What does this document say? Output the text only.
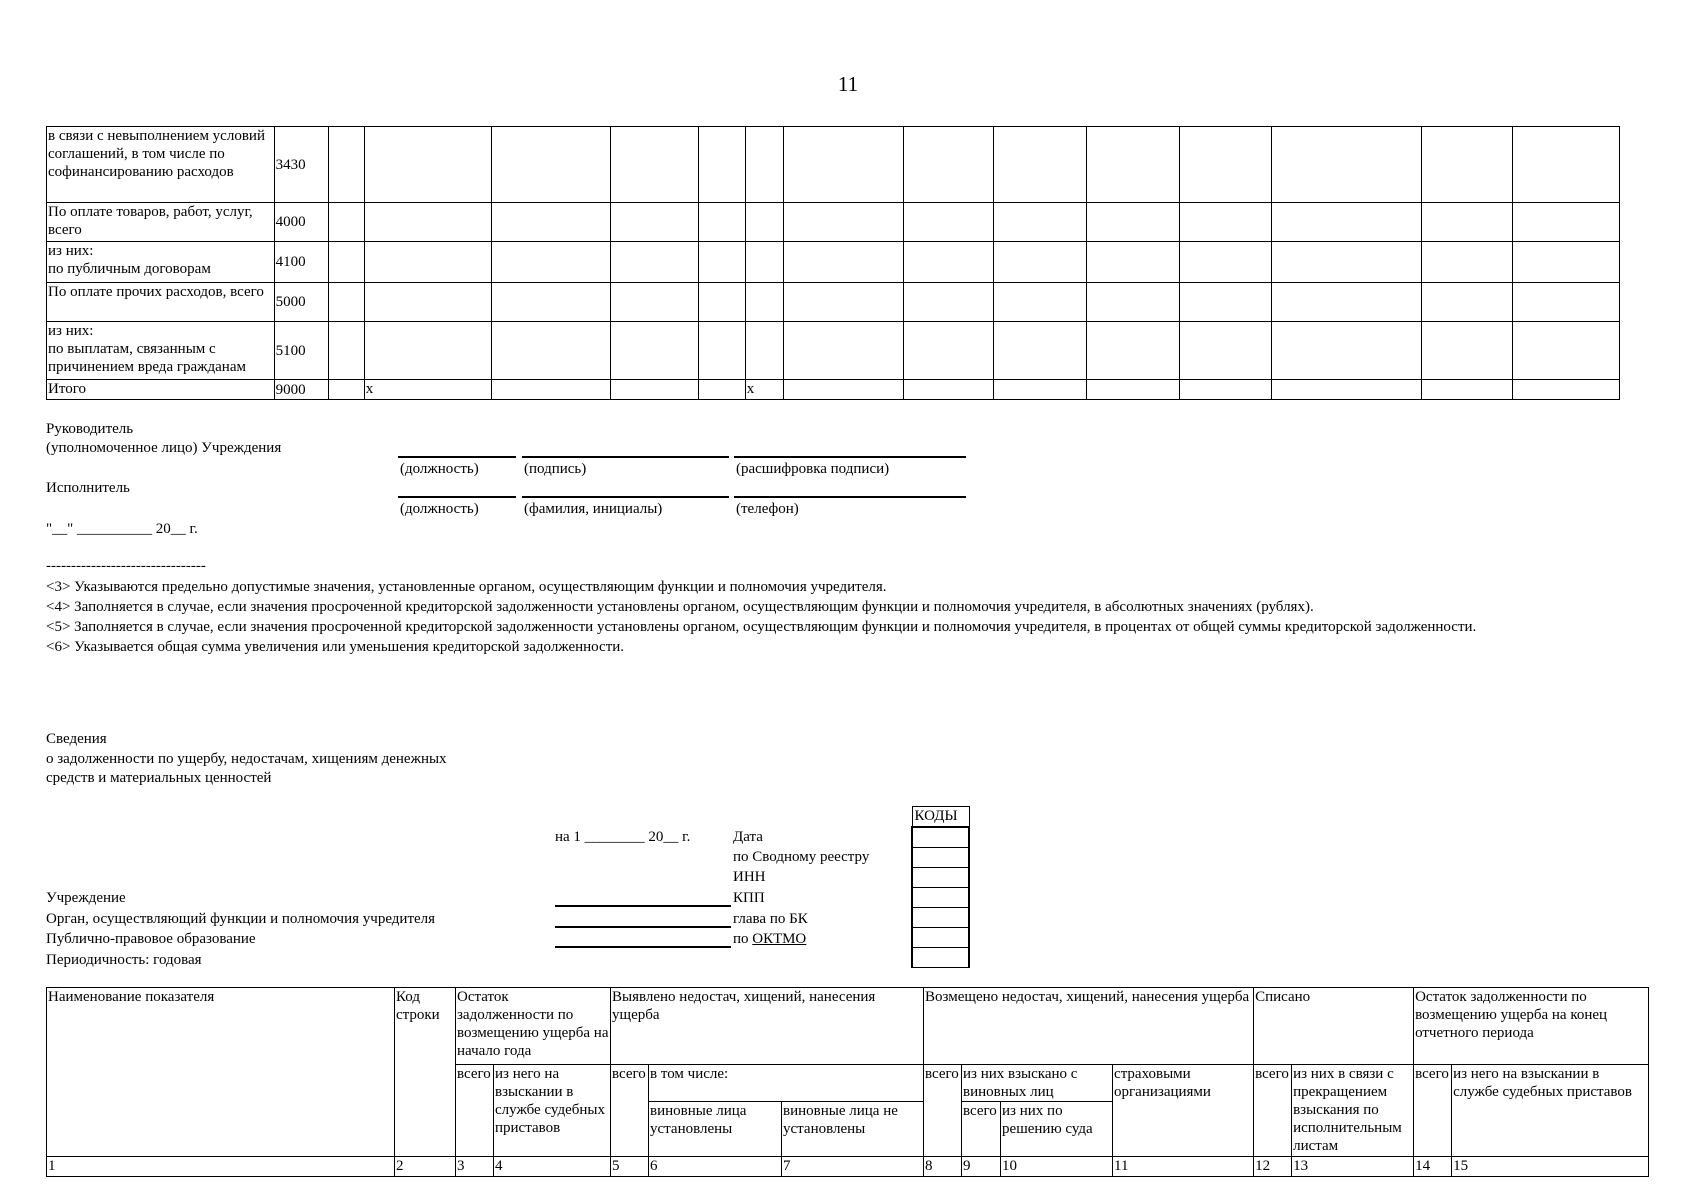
11
в связи с невыполнением условий соглашений, в том числе по софинансированию расходов	3430														
По оплате товаров, работ, услуг, всего	4000														
из них:
по публичным договорам	4100														
По оплате прочих расходов, всего	5000														
из них:
по выплатам, связанным с причинением вреда гражданам	5100														
Итого	9000		x				x								
Руководитель
(уполномоченное лицо) Учреждения
(должность)	(подпись)	(расшифровка подписи)
Исполнитель
(должность)	(фамилия, инициалы)	(телефон)
"__" __________ 20__ г.
--------------------------------
<3> Указываются предельно допустимые значения, установленные органом, осуществляющим функции и полномочия учредителя.
<4> Заполняется в случае, если значения просроченной кредиторской задолженности установлены органом, осуществляющим функции и полномочия учредителя, в абсолютных значениях (рублях).
<5> Заполняется в случае, если значения просроченной кредиторской задолженности установлены органом, осуществляющим функции и полномочия учредителя, в процентах от общей суммы кредиторской задолженности.
<6> Указывается общая сумма увеличения или уменьшения кредиторской задолженности.
Сведения
о задолженности по ущербу, недостачам, хищениям денежных
средств и материальных ценностей
на 1 ________ 20__ г.	Дата
по Сводному реестру
ИНН
КПП
глава по БК
по ОКТМО
КОДЫ

Учреждение
Орган, осуществляющий функции и полномочия учредителя
Публично-правовое образование
Периодичность: годовая
Наименование показателя	Код строки	Остаток задолженности по возмещению ущерба на начало года		Выявлено недостач, хищений, нанесения ущерба			Возмещено недостач, хищений, нанесения ущерба				Списано		Остаток задолженности по возмещению ущерба на конец отчетного периода	
		всего	из него на взыскании в службе судебных приставов	всего	в том числе:		всего	из них взыскано с виновных лиц		страховыми организациями	всего	из них в связи с прекращением взыскания по исполнительным листам	всего	из него на взыскании в службе судебных приставов
					виновные лица установлены	виновные лица не установлены		всего	из них по решению суда					
1	2	3	4	5	6	7	8	9	10	11	12	13	14	15
